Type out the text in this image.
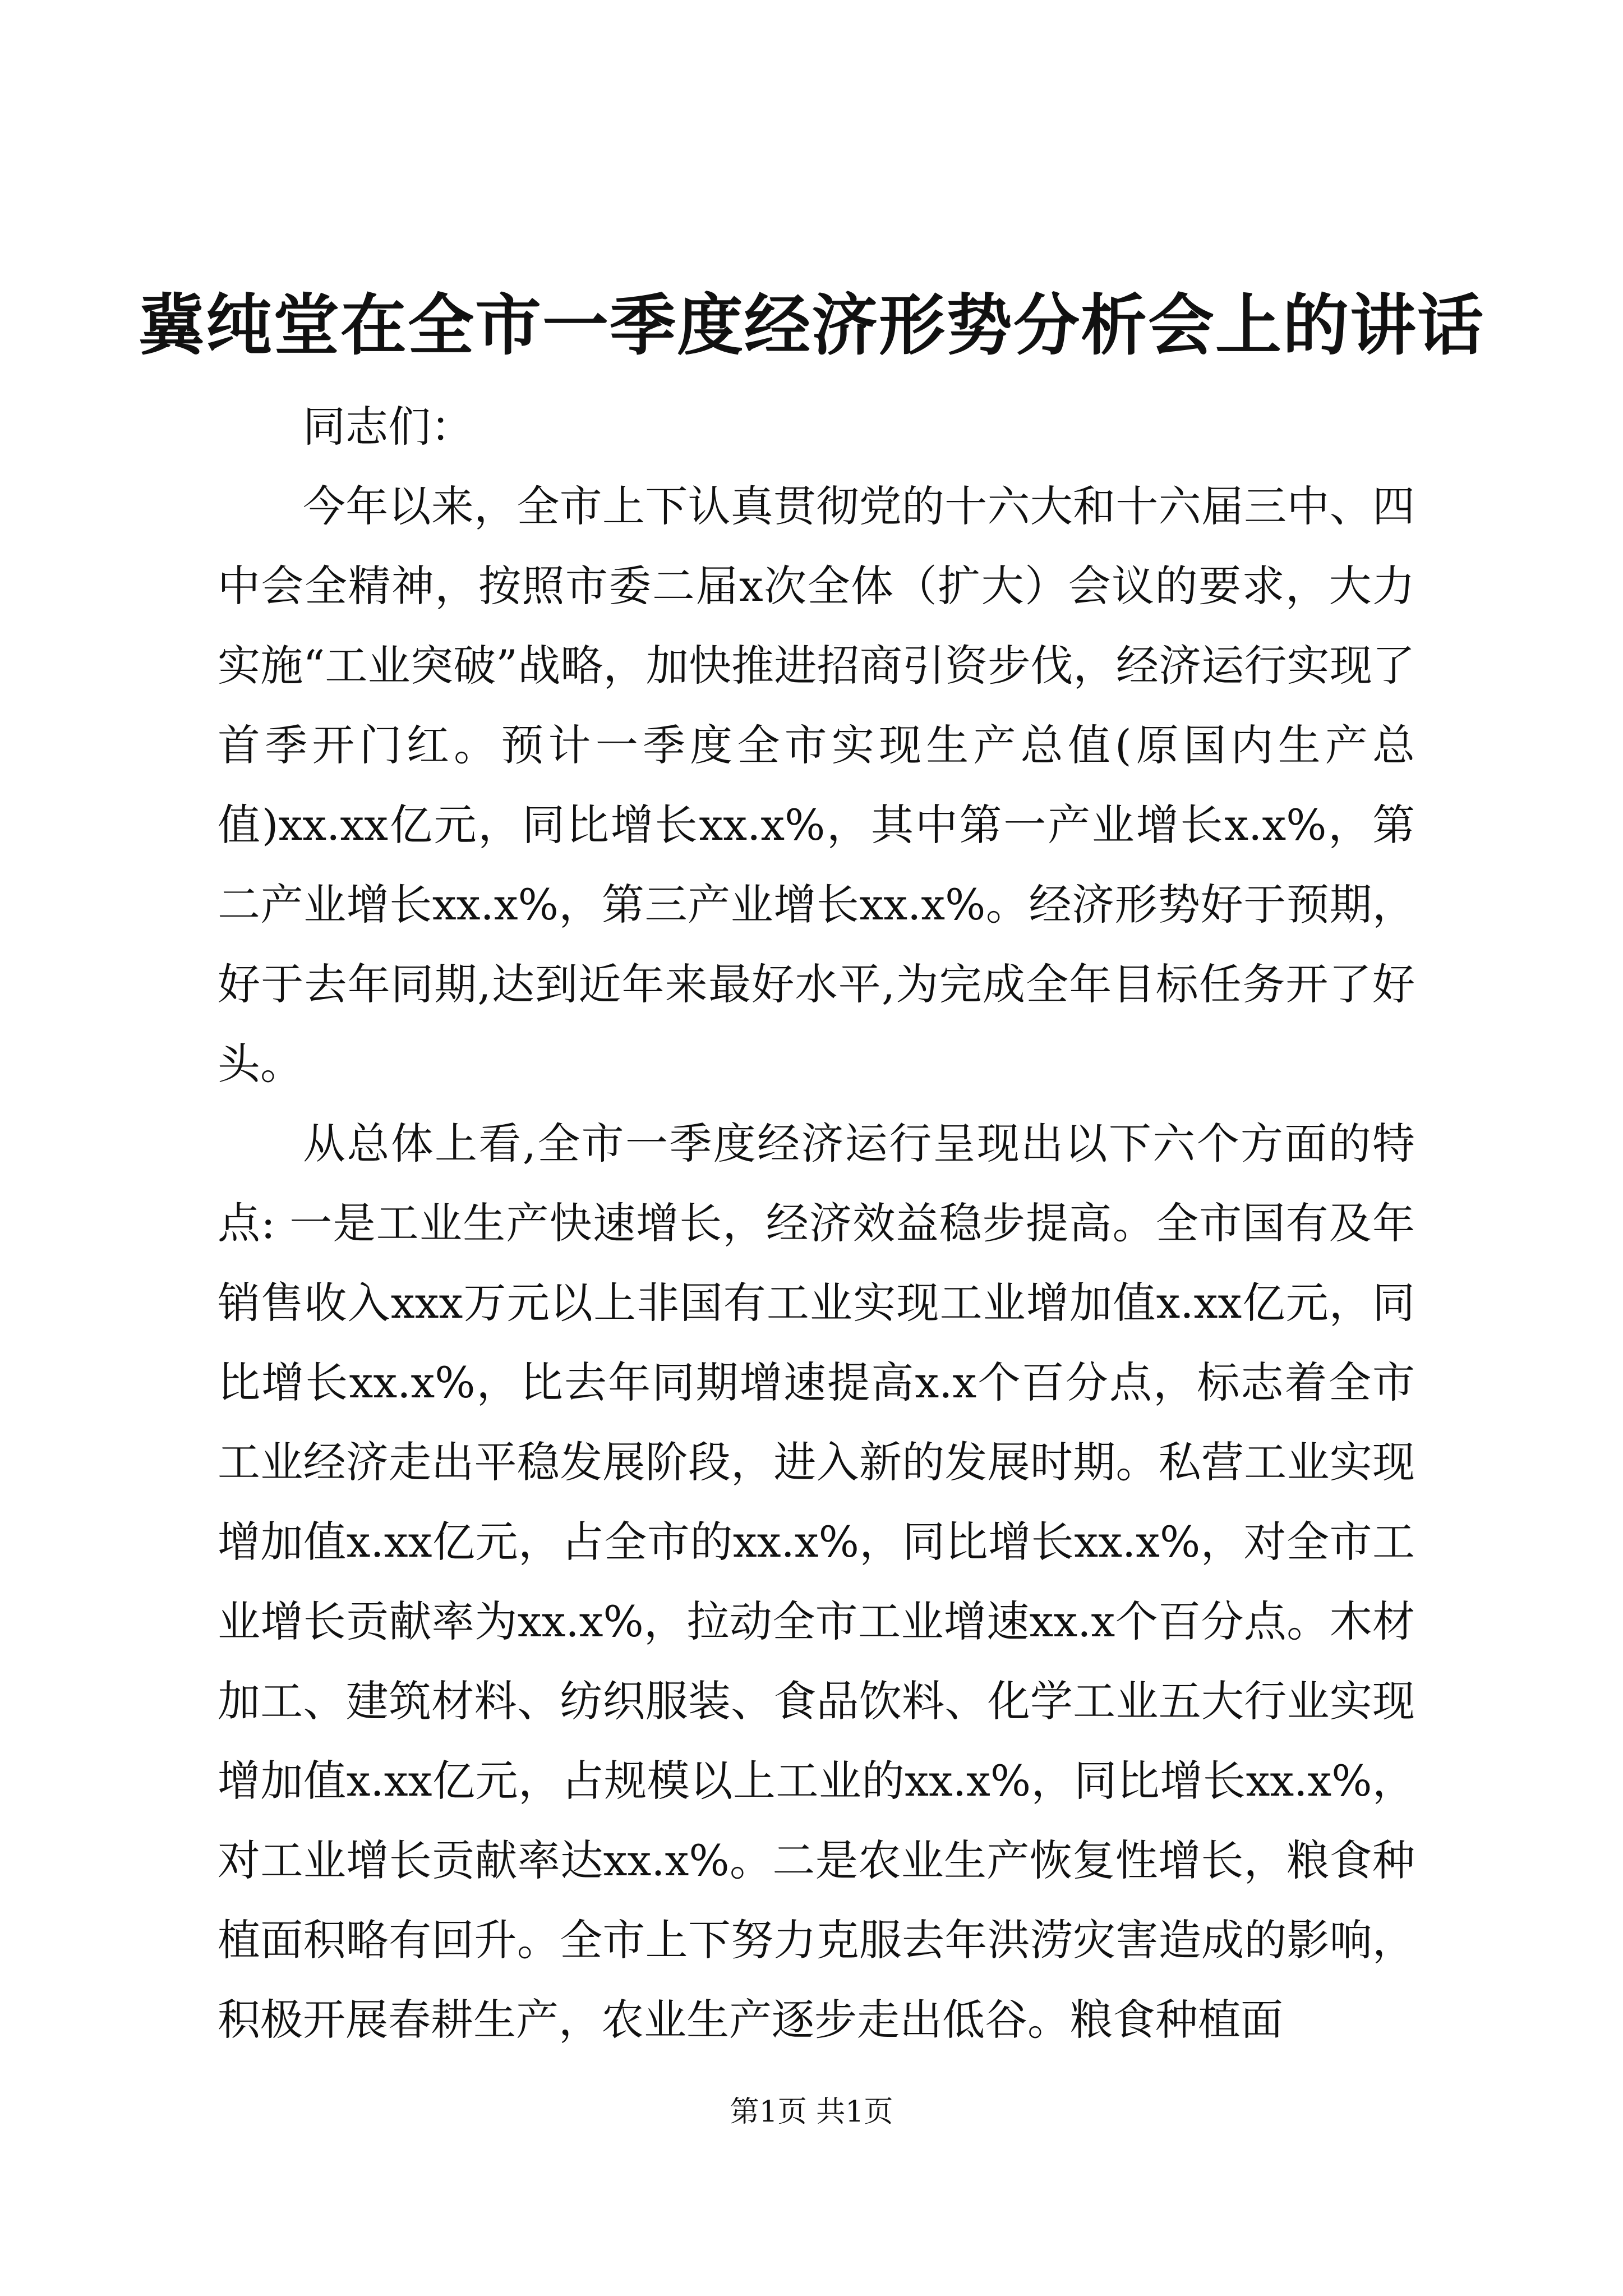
冀纯堂在全市一季度经济形势分析会上的讲话

同志们：

今年以来，全市上下认真贯彻党的十六大和十六届三中、四中会全精神，按照市委二届x次全体（扩大）会议的要求，大力实施“工业突破”战略，加快推进招商引资步伐，经济运行实现了首季开门红。预计一季度全市实现生产总值(原国内生产总值)xx.xx亿元，同比增长xx.x%，其中第一产业增长x.x%，第二产业增长xx.x%，第三产业增长xx.x%。经济形势好于预期，好于去年同期,达到近年来最好水平,为完成全年目标任务开了好头。

从总体上看,全市一季度经济运行呈现出以下六个方面的特点: 一是工业生产快速增长，经济效益稳步提高。全市国有及年销售收入xxx万元以上非国有工业实现工业增加值x.xx亿元，同比增长xx.x%，比去年同期增速提高x.x个百分点，标志着全市工业经济走出平稳发展阶段，进入新的发展时期。私营工业实现增加值x.xx亿元，占全市的xx.x%，同比增长xx.x%，对全市工业增长贡献率为xx.x%，拉动全市工业增速xx.x个百分点。木材加工、建筑材料、纺织服装、食品饮料、化学工业五大行业实现增加值x.xx亿元，占规模以上工业的xx.x%，同比增长xx.x%，对工业增长贡献率达xx.x%。二是农业生产恢复性增长，粮食种植面积略有回升。全市上下努力克服去年洪涝灾害造成的影响，积极开展春耕生产，农业生产逐步走出低谷。粮食种植面

第1页 共1页
